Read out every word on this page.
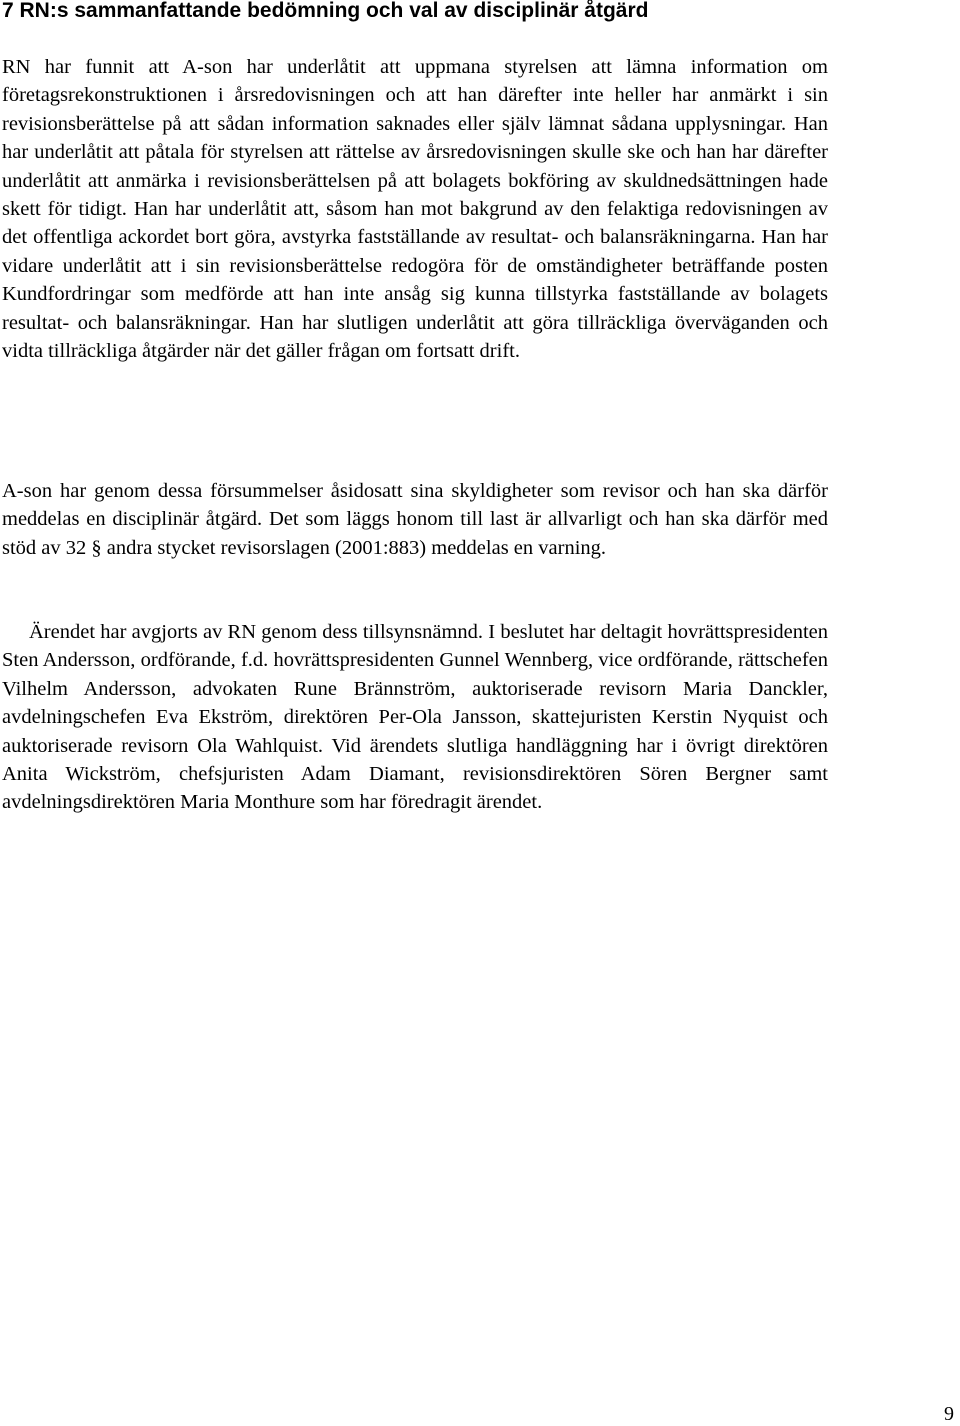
7 RN:s sammanfattande bedömning och val av disciplinär åtgärd

RN har funnit att A-son har underlåtit att uppmana styrelsen att lämna information om företagsrekonstruktionen i årsredovisningen och att han därefter inte heller har anmärkt i sin revisionsberättelse på att sådan information saknades eller själv lämnat sådana upplysningar. Han har underlåtit att påtala för styrelsen att rättelse av årsredovisningen skulle ske och han har därefter underlåtit att anmärka i revisionsberättelsen på att bolagets bokföring av skuldnedsättningen hade skett för tidigt. Han har underlåtit att, såsom han mot bakgrund av den felaktiga redovisningen av det offentliga ackordet bort göra, avstyrka fastställande av resultat- och balansräkningarna. Han har vidare underlåtit att i sin revisionsberättelse redogöra för de omständigheter beträffande posten Kundfordringar som medförde att han inte ansåg sig kunna tillstyrka fastställande av bolagets resultat- och balansräkningar. Han har slutligen underlåtit att göra tillräckliga överväganden och vidta tillräckliga åtgärder när det gäller frågan om fortsatt drift.

A-son har genom dessa försummelser åsidosatt sina skyldigheter som revisor och han ska därför meddelas en disciplinär åtgärd. Det som läggs honom till last är allvarligt och han ska därför med stöd av 32 § andra stycket revisorslagen (2001:883) meddelas en varning.

Ärendet har avgjorts av RN genom dess tillsynsnämnd. I beslutet har deltagit hovrättspresidenten Sten Andersson, ordförande, f.d. hovrättspresidenten Gunnel Wennberg, vice ordförande, rättschefen Vilhelm Andersson, advokaten Rune Brännström, auktoriserade revisorn Maria Danckler, avdelningschefen Eva Ekström, direktören Per-Ola Jansson, skattejuristen Kerstin Nyquist och auktoriserade revisorn Ola Wahlquist. Vid ärendets slutliga handläggning har i övrigt direktören Anita Wickström, chefsjuristen Adam Diamant, revisionsdirektören Sören Bergner samt avdelningsdirektören Maria Monthure som har föredragit ärendet.

9
